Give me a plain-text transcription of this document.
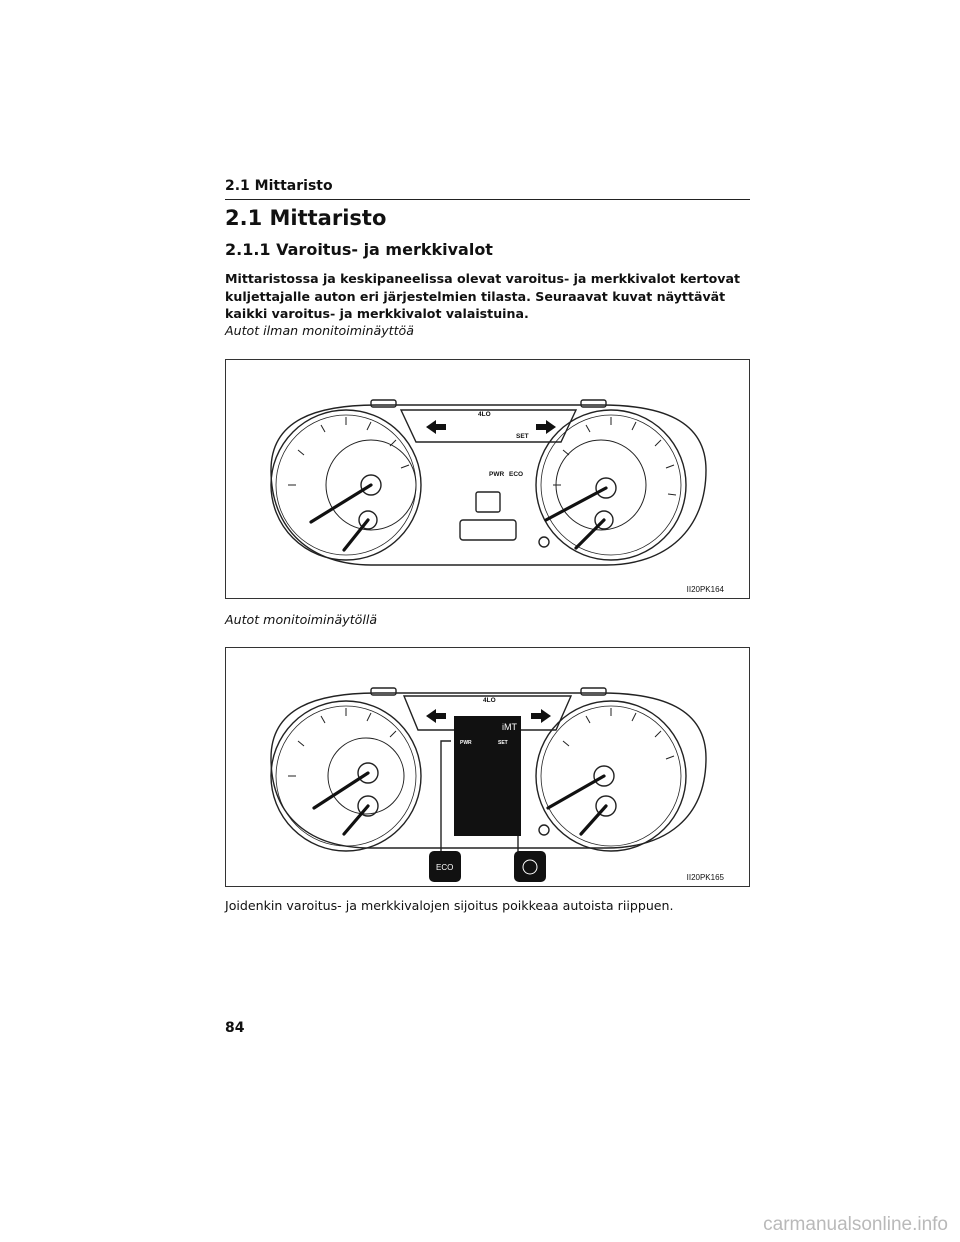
2.1 Mittaristo
2.1 Mittaristo
2.1.1 Varoitus- ja merkkivalot

Mittaristossa ja keskipaneelissa olevat varoitus- ja merkkivalot kertovat kuljettajalle auton eri järjestelmien tilasta. Seuraavat kuvat näyttävät kaikki varoitus- ja merkkivalot valaistuina.

Autot ilman monitoiminäyttöä

4LO
SET
PWR ECO
II20PK164

Autot monitoiminäytöllä

4LO
iMT
PWR	SET
ECO
II20PK165

Joidenkin varoitus- ja merkkivalojen sijoitus poikkeaa autoista riippuen.

84
carmanualsonline.info
